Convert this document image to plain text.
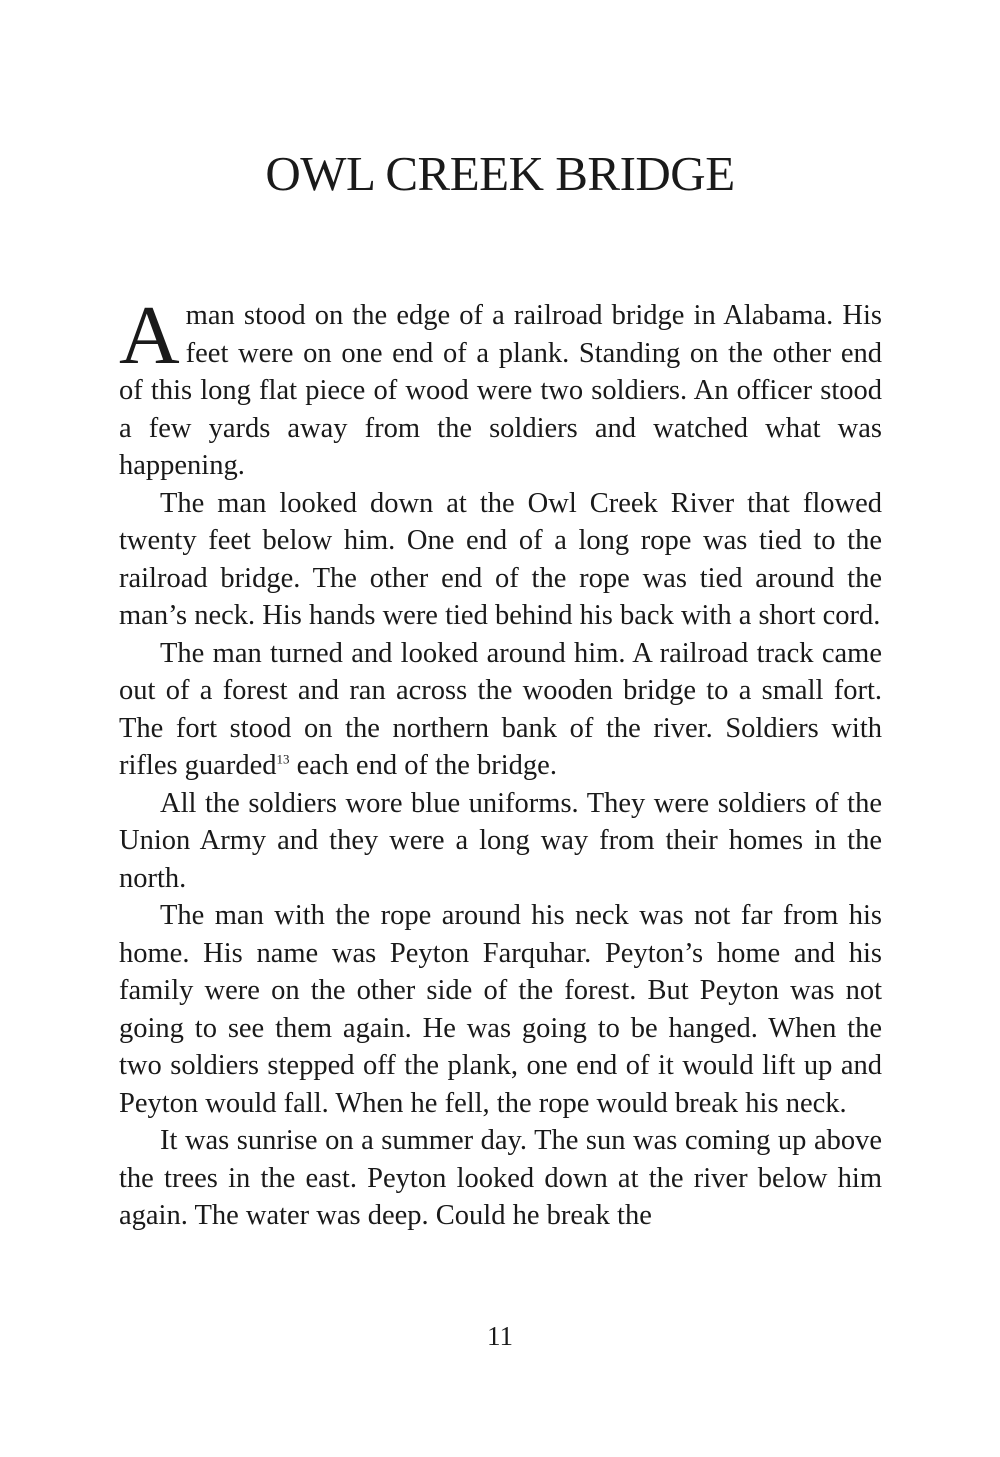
OWL CREEK BRIDGE

A man stood on the edge of a railroad bridge in Alabama. His feet were on one end of a plank. Standing on the other end of this long flat piece of wood were two soldiers. An officer stood a few yards away from the soldiers and watched what was happening.

The man looked down at the Owl Creek River that flowed twenty feet below him. One end of a long rope was tied to the railroad bridge. The other end of the rope was tied around the man’s neck. His hands were tied behind his back with a short cord.

The man turned and looked around him. A railroad track came out of a forest and ran across the wooden bridge to a small fort. The fort stood on the northern bank of the river. Soldiers with rifles guarded$^{13}$ each end of the bridge.

All the soldiers wore blue uniforms. They were soldiers of the Union Army and they were a long way from their homes in the north.

The man with the rope around his neck was not far from his home. His name was Peyton Farquhar. Peyton’s home and his family were on the other side of the forest. But Peyton was not going to see them again. He was going to be hanged. When the two soldiers stepped off the plank, one end of it would lift up and Peyton would fall. When he fell, the rope would break his neck.

It was sunrise on a summer day. The sun was coming up above the trees in the east. Peyton looked down at the river below him again. The water was deep. Could he break the

11
